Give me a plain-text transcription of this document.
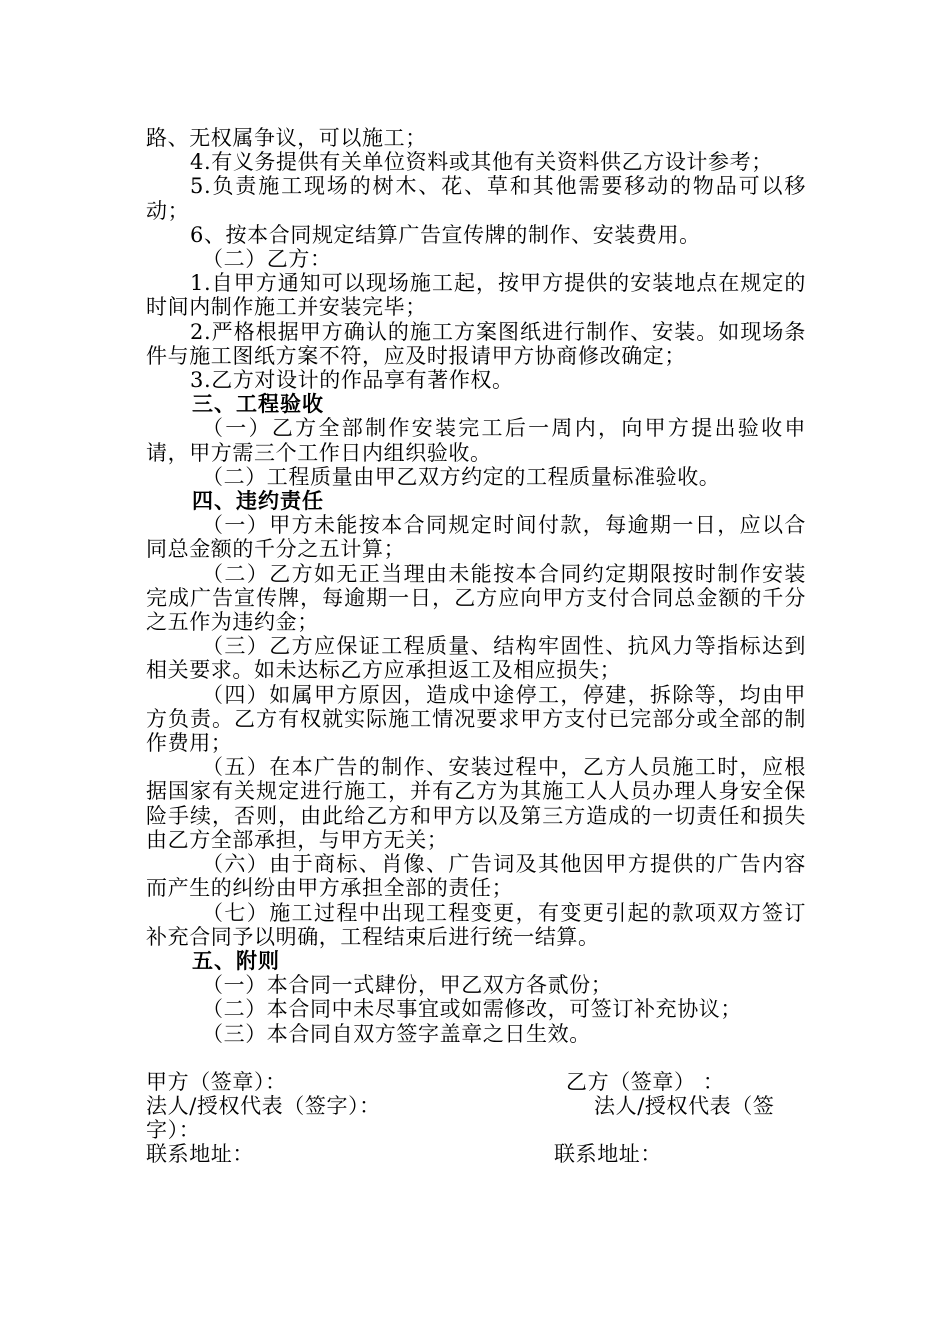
路、无权属争议，可以施工；

4.有义务提供有关单位资料或其他有关资料供乙方设计参考；

5.负责施工现场的树木、花、草和其他需要移动的物品可以移动；

6、按本合同规定结算广告宣传牌的制作、安装费用。

（二）乙方：

1.自甲方通知可以现场施工起，按甲方提供的安装地点在规定的时间内制作施工并安装完毕；

2.严格根据甲方确认的施工方案图纸进行制作、安装。如现场条件与施工图纸方案不符，应及时报请甲方协商修改确定；

3.乙方对设计的作品享有著作权。

三、工程验收

（一）乙方全部制作安装完工后一周内，向甲方提出验收申请，甲方需三个工作日内组织验收。

（二）工程质量由甲乙双方约定的工程质量标准验收。

四、违约责任

（一）甲方未能按本合同规定时间付款，每逾期一日，应以合同总金额的千分之五计算；

（二）乙方如无正当理由未能按本合同约定期限按时制作安装完成广告宣传牌，每逾期一日，乙方应向甲方支付合同总金额的千分之五作为违约金；

（三）乙方应保证工程质量、结构牢固性、抗风力等指标达到相关要求。如未达标乙方应承担返工及相应损失；

（四）如属甲方原因，造成中途停工，停建，拆除等，均由甲方负责。乙方有权就实际施工情况要求甲方支付已完部分或全部的制作费用；

（五）在本广告的制作、安装过程中，乙方人员施工时，应根据国家有关规定进行施工，并有乙方为其施工人人员办理人身安全保险手续，否则，由此给乙方和甲方以及第三方造成的一切责任和损失由乙方全部承担，与甲方无关；

（六）由于商标、肖像、广告词及其他因甲方提供的广告内容而产生的纠纷由甲方承担全部的责任；

（七）施工过程中出现工程变更，有变更引起的款项双方签订补充合同予以明确，工程结束后进行统一结算。

五、附则

（一）本合同一式肆份，甲乙双方各贰份；

（二）本合同中未尽事宜或如需修改，可签订补充协议；

（三）本合同自双方签字盖章之日生效。

甲方（签章）：	乙方（签章） ：
法人/授权代表（签字）：	法人/授权代表（签
字）：
联系地址：	联系地址：
